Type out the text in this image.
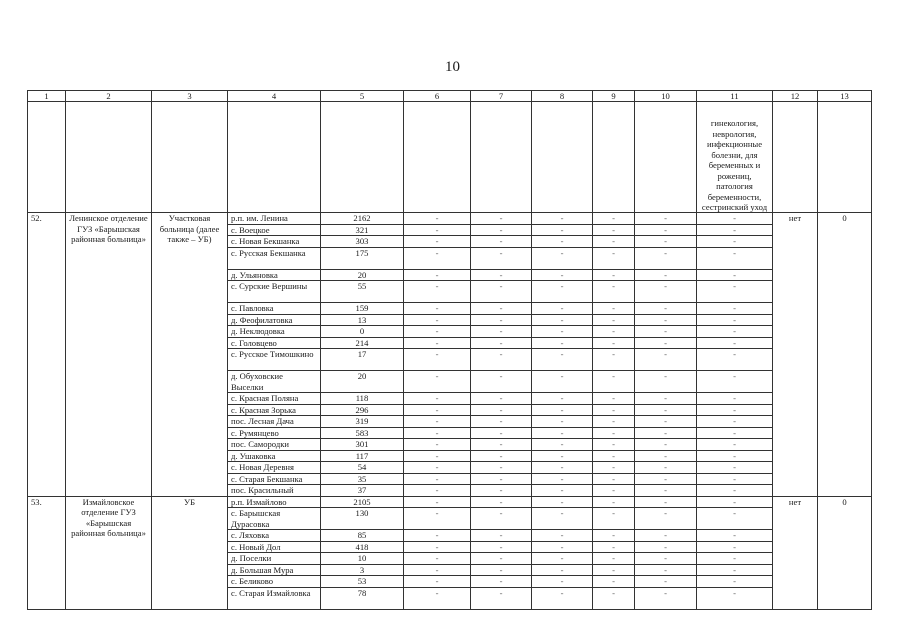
10
1	2	3	4	5	6	7	8	9	10	11	12	13
										гинекология, неврология, инфекционные болезни, для беременных и рожениц, патология беременности, сестринский уход		
52.	Ленинское отделение ГУЗ «Барышская районная больница»	Участковая больница (далее также – УБ)	р.п. им. Ленина	2162	-	-	-	-	-	-	нет	0
			с. Воецкое	321	-	-	-	-	-	-		
			с. Новая Бекшанка	303	-	-	-	-	-	-		
			с. Русская Бекшанка	175	-	-	-	-	-	-		
			д. Ульяновка	20	-	-	-	-	-	-		
			с. Сурские Вершины	55	-	-	-	-	-	-		
			с. Павловка	159	-	-	-	-	-	-		
			д. Феофилатовка	13	-	-	-	-	-	-		
			д. Неклюдовка	0	-	-	-	-	-	-		
			с. Головцево	214	-	-	-	-	-	-		
			с. Русское Тимошкино	17	-	-	-	-	-	-		
			д. Обуховские Выселки	20	-	-	-	-	-	-		
			с. Красная Поляна	118	-	-	-	-	-	-		
			с. Красная Зорька	296	-	-	-	-	-	-		
			пос. Лесная Дача	319	-	-	-	-	-	-		
			с. Румянцево	583	-	-	-	-	-	-		
			пос. Самородки	301	-	-	-	-	-	-		
			д. Ушаковка	117	-	-	-	-	-	-		
			с. Новая Деревня	54	-	-	-	-	-	-		
			с. Старая Бекшанка	35	-	-	-	-	-	-		
			пос. Красильный	37	-	-	-	-	-	-		
53.	Измайловское отделение ГУЗ «Барышская районная больница»	УБ	р.п. Измайлово	2105	-	-	-	-	-	-	нет	0
			с. Барышская Дурасовка	130	-	-	-	-	-	-		
			с. Ляховка	85	-	-	-	-	-	-		
			с. Новый Дол	418	-	-	-	-	-	-		
			д. Поселки	10	-	-	-	-	-	-		
			д. Большая Мура	3	-	-	-	-	-	-		
			с. Беликово	53	-	-	-	-	-	-		
			с. Старая Измайловка	78	-	-	-	-	-	-		
